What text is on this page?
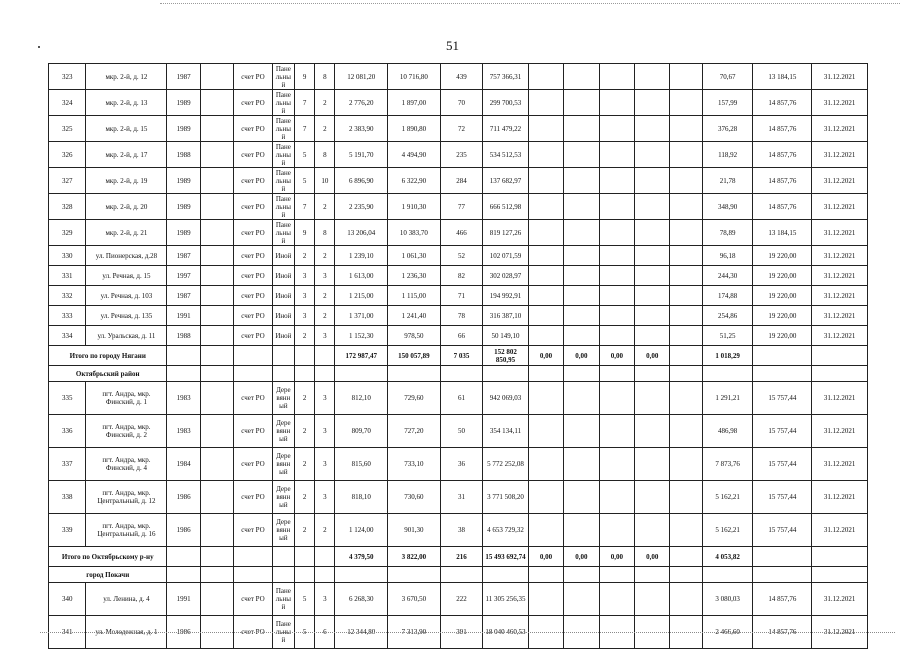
51
323	мкр. 2-й, д. 12	1987		счет РО	Пане льны й	9	8	12 081,20	10 716,80	439	757 366,31						70,67	13 184,15	31.12.2021
324	мкр. 2-й, д. 13	1989		счет РО	Пане льны й	7	2	2 776,20	1 897,00	70	299 700,53						157,99	14 857,76	31.12.2021
325	мкр. 2-й, д. 15	1989		счет РО	Пане льны й	7	2	2 383,90	1 890,80	72	711 479,22						376,28	14 857,76	31.12.2021
326	мкр. 2-й, д. 17	1988		счет РО	Пане льны й	5	8	5 191,70	4 494,90	235	534 512,53						118,92	14 857,76	31.12.2021
327	мкр. 2-й, д. 19	1989		счет РО	Пане льны й	5	10	6 896,90	6 322,90	284	137 682,97						21,78	14 857,76	31.12.2021
328	мкр. 2-й, д. 20	1989		счет РО	Пане льны й	7	2	2 235,90	1 910,30	77	666 512,98						348,90	14 857,76	31.12.2021
329	мкр. 2-й, д. 21	1989		счет РО	Пане льны й	9	8	13 206,04	10 383,70	466	819 127,26						78,89	13 184,15	31.12.2021
330	ул. Пионерская, д.28	1987		счет РО	Иной	2	2	1 239,10	1 061,30	52	102 071,59						96,18	19 220,00	31.12.2021
331	ул. Речная, д. 15	1997		счет РО	Иной	3	3	1 613,00	1 236,30	82	302 028,97						244,30	19 220,00	31.12.2021
332	ул. Речная, д. 103	1987		счет РО	Иной	3	2	1 215,00	1 115,00	71	194 992,91						174,88	19 220,00	31.12.2021
333	ул. Речная, д. 135	1991		счет РО	Иной	3	2	1 371,00	1 241,40	78	316 387,10						254,86	19 220,00	31.12.2021
334	ул. Уральская, д. 11	1988		счет РО	Иной	2	3	1 152,30	978,50	66	50 149,10						51,25	19 220,00	31.12.2021
Итого по городу Нягани								172 987,47	150 057,89	7 035	152 802 850,95	0,00	0,00	0,00	0,00		1 018,29		
Октябрьский район																			
335	пгт. Андра, мкр. Финский, д. 1	1983		счет РО	Дере вянн ый	2	3	812,10	729,60	61	942 069,03						1 291,21	15 757,44	31.12.2021
336	пгт. Андра, мкр. Финский, д. 2	1983		счет РО	Дере вянн ый	2	3	809,70	727,20	50	354 134,11						486,98	15 757,44	31.12.2021
337	пгт. Андра, мкр. Финский, д. 4	1984		счет РО	Дере вянн ый	2	3	815,60	733,10	36	5 772 252,08						7 873,76	15 757,44	31.12.2021
338	пгт. Андра, мкр. Центральный, д. 12	1986		счет РО	Дере вянн ый	2	3	818,10	730,60	31	3 771 508,20						5 162,21	15 757,44	31.12.2021
339	пгт. Андра, мкр. Центральный, д. 16	1986		счет РО	Дере вянн ый	2	2	1 124,00	901,30	38	4 653 729,32						5 162,21	15 757,44	31.12.2021
Итого по Октябрьскому р-ну								4 379,50	3 822,00	216	15 493 692,74	0,00	0,00	0,00	0,00		4 053,82		
город Покачи																			
340	ул. Ленина, д. 4	1991		счет РО	Пане льны й	5	3	6 268,30	3 670,50	222	11 305 256,35						3 080,03	14 857,76	31.12.2021
341	ул. Молодежная, д. 1	1986		счет РО	Пане льны й	5	6	12 344,80	7 313,90	391	18 040 460,53						2 466,60	14 857,76	31.12.2021
